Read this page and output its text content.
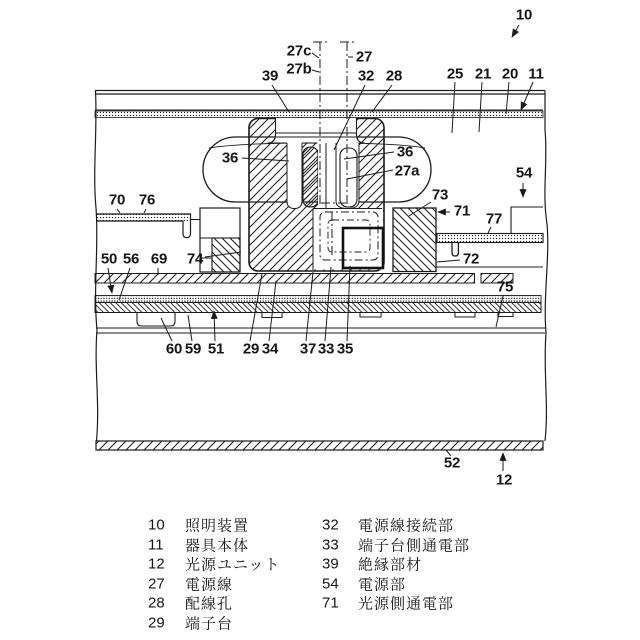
10
27c
27b
27
39	32 28	25 21 20 11
36	36
27a
73
71
54
77
72
75
70 76
50 56 69 74
60 59 51 29 34 37 33 35
52
12
10 照明装置
11 器具本体
12 光源ユニット
27 電源線
28 配線孔
29 端子台
32 電源線接続部
33 端子台側通電部
39 絶縁部材
54 電源部
71 光源側通電部
